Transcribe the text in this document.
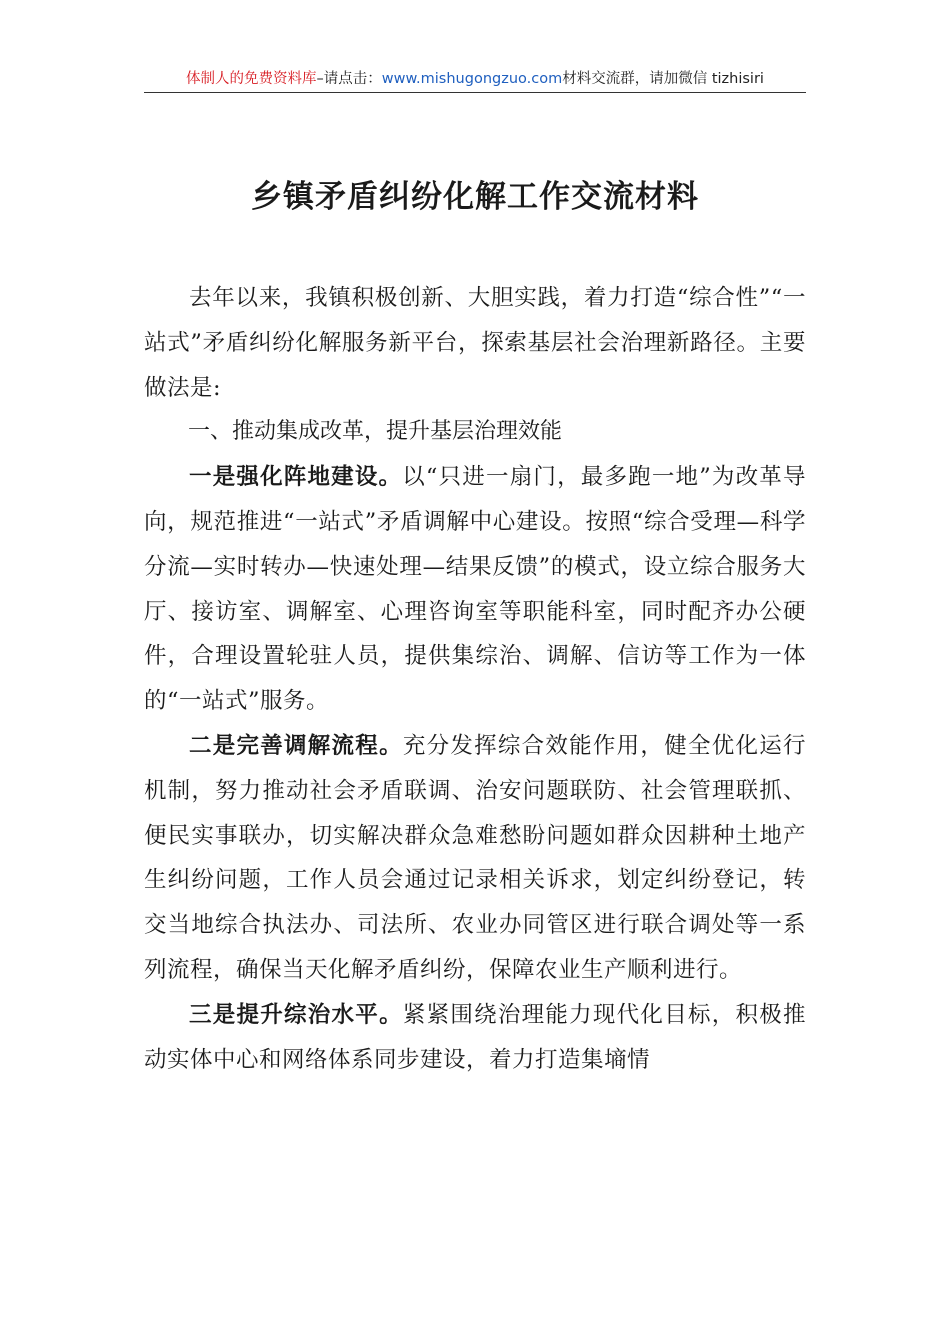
体制人的免费资料库–请点击：www.mishugongzuo.com材料交流群，请加微信 tizhisiri
乡镇矛盾纠纷化解工作交流材料

去年以来，我镇积极创新、大胆实践，着力打造“综合性”“一站式”矛盾纠纷化解服务新平台，探索基层社会治理新路径。主要做法是:

一、推动集成改革，提升基层治理效能

一是强化阵地建设。以“只进一扇门，最多跑一地”为改革导向，规范推进“一站式”矛盾调解中心建设。按照“综合受理—科学分流—实时转办—快速处理—结果反馈”的模式，设立综合服务大厅、接访室、调解室、心理咨询室等职能科室，同时配齐办公硬件，合理设置轮驻人员，提供集综治、调解、信访等工作为一体的“一站式”服务。

二是完善调解流程。充分发挥综合效能作用，健全优化运行机制，努力推动社会矛盾联调、治安问题联防、社会管理联抓、便民实事联办，切实解决群众急难愁盼问题如群众因耕种土地产生纠纷问题，工作人员会通过记录相关诉求，划定纠纷登记，转交当地综合执法办、司法所、农业办同管区进行联合调处等一系列流程，确保当天化解矛盾纠纷，保障农业生产顺利进行。

三是提升综治水平。紧紧围绕治理能力现代化目标，积极推动实体中心和网络体系同步建设，着力打造集墒情
